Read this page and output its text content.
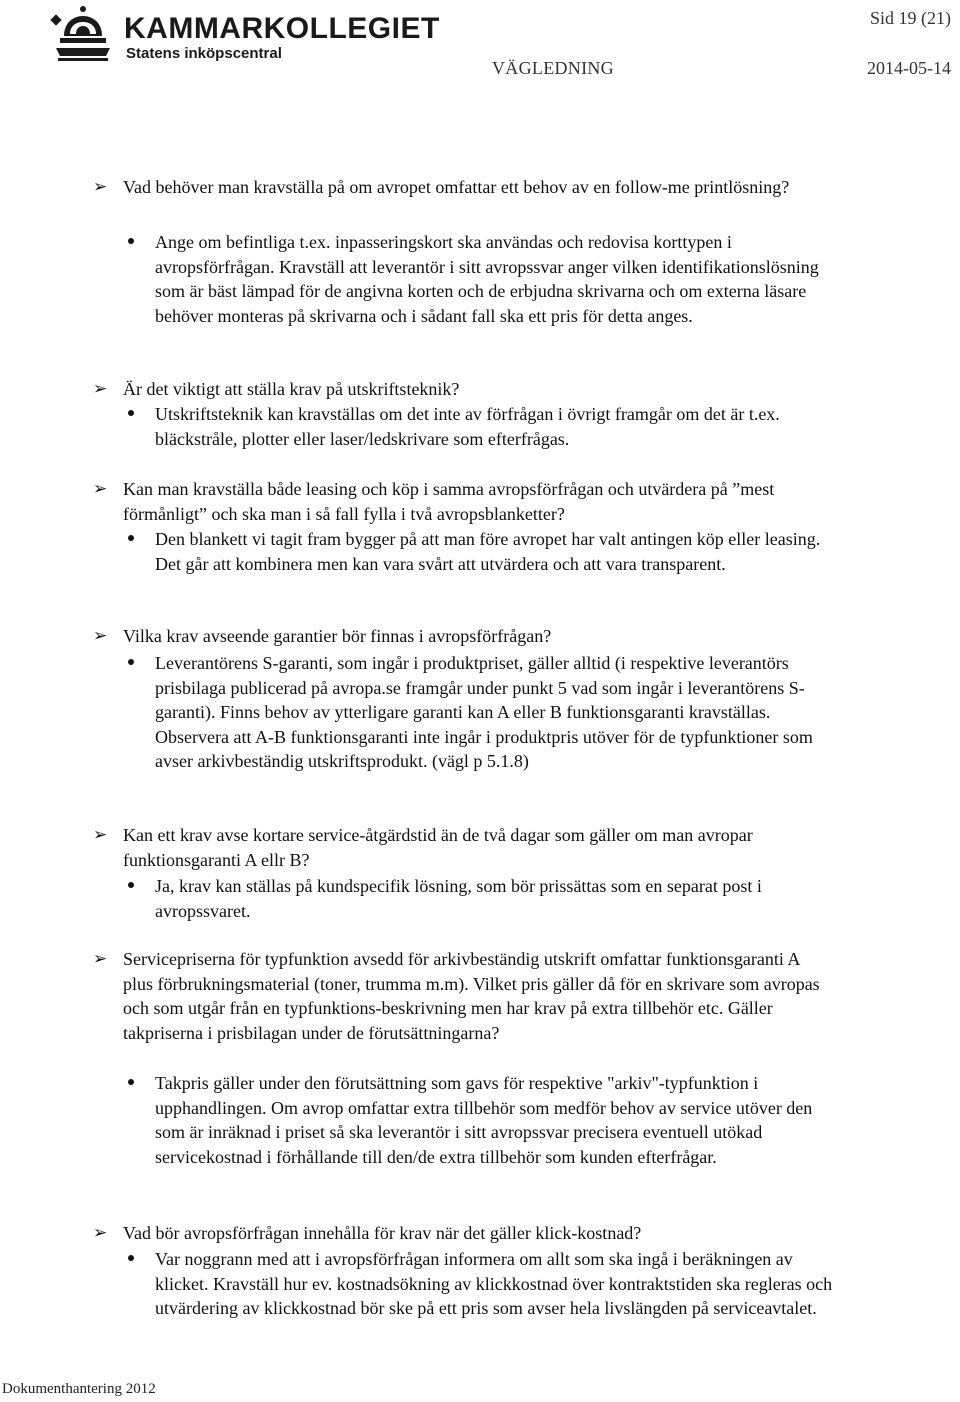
KAMMARKOLLEGIET
Statens inköpscentral
Sid 19 (21)
VÄGLEDNING	2014-05-14
➢ Vad behöver man kravställa på om avropet omfattar ett behov av en follow-me printlösning?
Ange om befintliga t.ex. inpasseringskort ska användas och redovisa korttypen i avropsförfrågan. Kravställ att leverantör i sitt avropssvar anger vilken identifikationslösning som är bäst lämpad för de angivna korten och de erbjudna skrivarna och om externa läsare behöver monteras på skrivarna och i sådant fall ska ett pris för detta anges.
➢ Är det viktigt att ställa krav på utskriftsteknik?
Utskriftsteknik kan kravställas om det inte av förfrågan i övrigt framgår om det är t.ex. bläckstråle, plotter eller laser/ledskrivare som efterfrågas.
➢ Kan man kravställa både leasing och köp i samma avropsförfrågan och utvärdera på ”mest förmånligt” och ska man i så fall fylla i två avropsblanketter?
Den blankett vi tagit fram bygger på att man före avropet har valt antingen köp eller leasing. Det går att kombinera men kan vara svårt att utvärdera och att vara transparent.
➢ Vilka krav avseende garantier bör finnas i avropsförfrågan?
Leverantörens S-garanti, som ingår i produktpriset, gäller alltid (i respektive leverantörs prisbilaga publicerad på avropa.se framgår under punkt 5 vad som ingår i leverantörens S-garanti). Finns behov av ytterligare garanti kan A eller B funktionsgaranti kravställas. Observera att A-B funktionsgaranti inte ingår i produktpris utöver för de typfunktioner som avser arkivbeständig utskriftsprodukt. (vägl p 5.1.8)
➢ Kan ett krav avse kortare service-åtgärdstid än de två dagar som gäller om man avropar funktionsgaranti A ellr B?
Ja, krav kan ställas på kundspecifik lösning, som bör prissättas som en separat post i avropssvaret.
➢ Servicepriserna för typfunktion avsedd för arkivbeständig utskrift omfattar funktionsgaranti A plus förbrukningsmaterial (toner, trumma m.m). Vilket pris gäller då för en skrivare som avropas och som utgår från en typfunktions-beskrivning men har krav på extra tillbehör etc. Gäller takpriserna i prisbilagan under de förutsättningarna?
Takpris gäller under den förutsättning som gavs för respektive "arkiv"-typfunktion i upphandlingen. Om avrop omfattar extra tillbehör som medför behov av service utöver den som är inräknad i priset så ska leverantör i sitt avropssvar precisera eventuell utökad servicekostnad i förhållande till den/de extra tillbehör som kunden efterfrågar.
➢ Vad bör avropsförfrågan innehålla för krav när det gäller klick-kostnad?
Var noggrann med att i avropsförfrågan informera om allt som ska ingå i beräkningen av klicket. Kravställ hur ev. kostnadsökning av klickkostnad över kontraktstiden ska regleras och utvärdering av klickkostnad bör ske på ett pris som avser hela livslängden på serviceavtalet.
Dokumenthantering 2012
